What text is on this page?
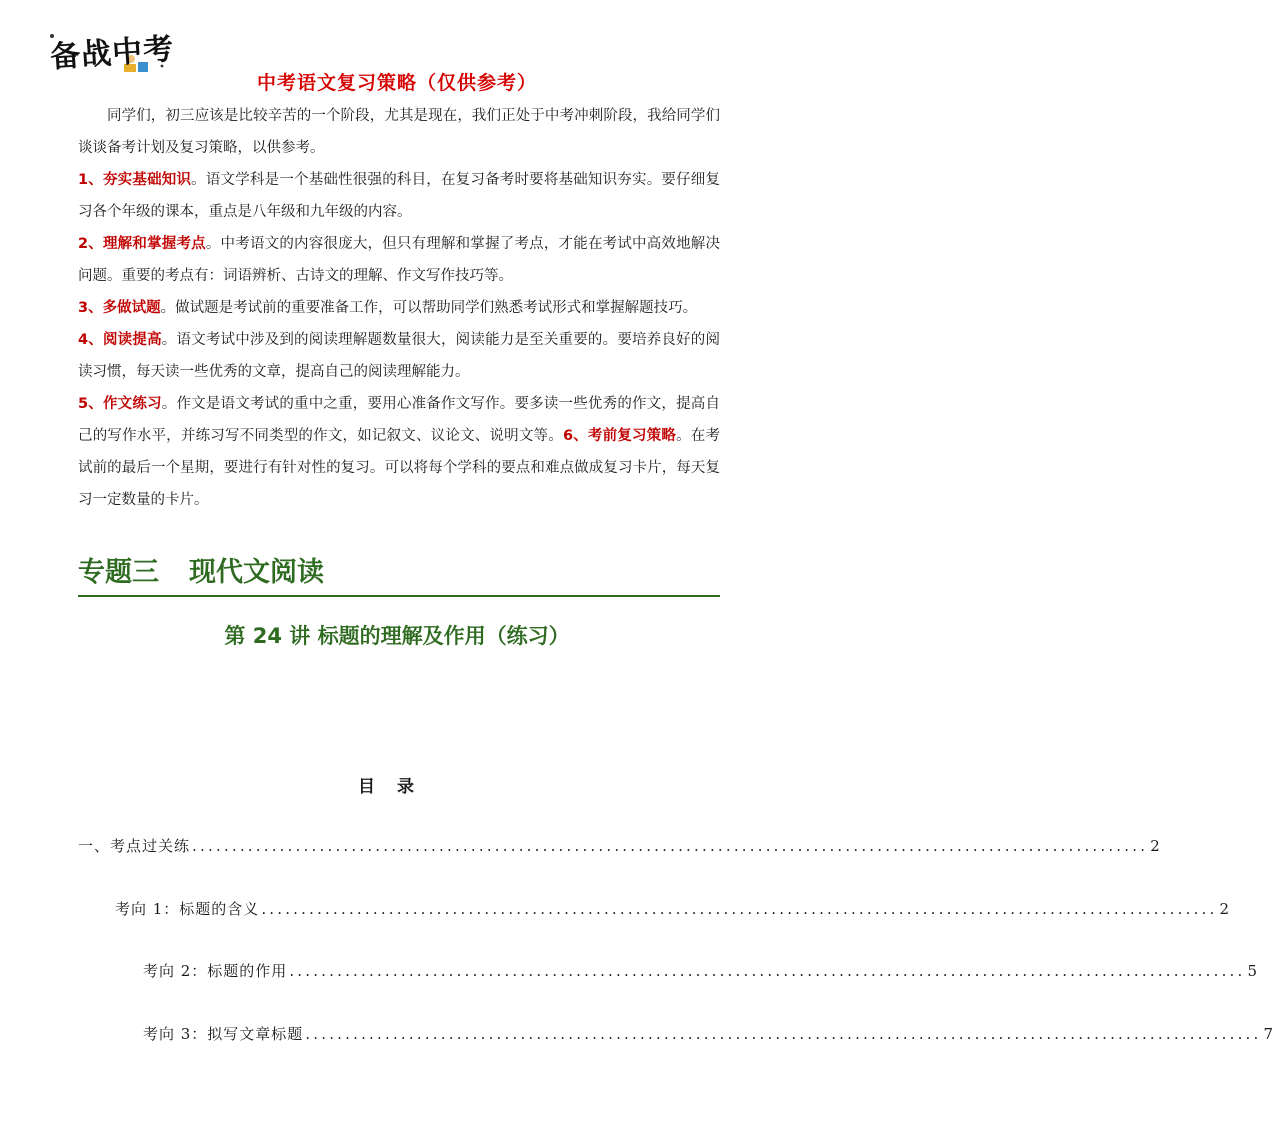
备战中考
中考语文复习策略（仅供参考）

同学们，初三应该是比较辛苦的一个阶段，尤其是现在，我们正处于中考冲刺阶段，我给同学们谈谈备考计划及复习策略，以供参考。

1、夯实基础知识。语文学科是一个基础性很强的科目，在复习备考时要将基础知识夯实。要仔细复习各个年级的课本，重点是八年级和九年级的内容。

2、理解和掌握考点。中考语文的内容很庞大，但只有理解和掌握了考点，才能在考试中高效地解决问题。重要的考点有：词语辨析、古诗文的理解、作文写作技巧等。

3、多做试题。做试题是考试前的重要准备工作，可以帮助同学们熟悉考试形式和掌握解题技巧。

4、阅读提高。语文考试中涉及到的阅读理解题数量很大，阅读能力是至关重要的。要培养良好的阅读习惯，每天读一些优秀的文章，提高自己的阅读理解能力。

5、作文练习。作文是语文考试的重中之重，要用心准备作文写作。要多读一些优秀的作文，提高自己的写作水平，并练习写不同类型的作文，如记叙文、议论文、说明文等。6、考前复习策略。在考试前的最后一个星期，要进行有针对性的复习。可以将每个学科的要点和难点做成复习卡片，每天复习一定数量的卡片。

专题三 现代文阅读
第 24 讲 标题的理解及作用（练习）
目录
一、考点过关练 ........................................................................................................................ 2
考向 1：标题的含义 ........................................................................................................................ 2
考向 2：标题的作用 ........................................................................................................................ 5
考向 3：拟写文章标题 ........................................................................................................................ 7
